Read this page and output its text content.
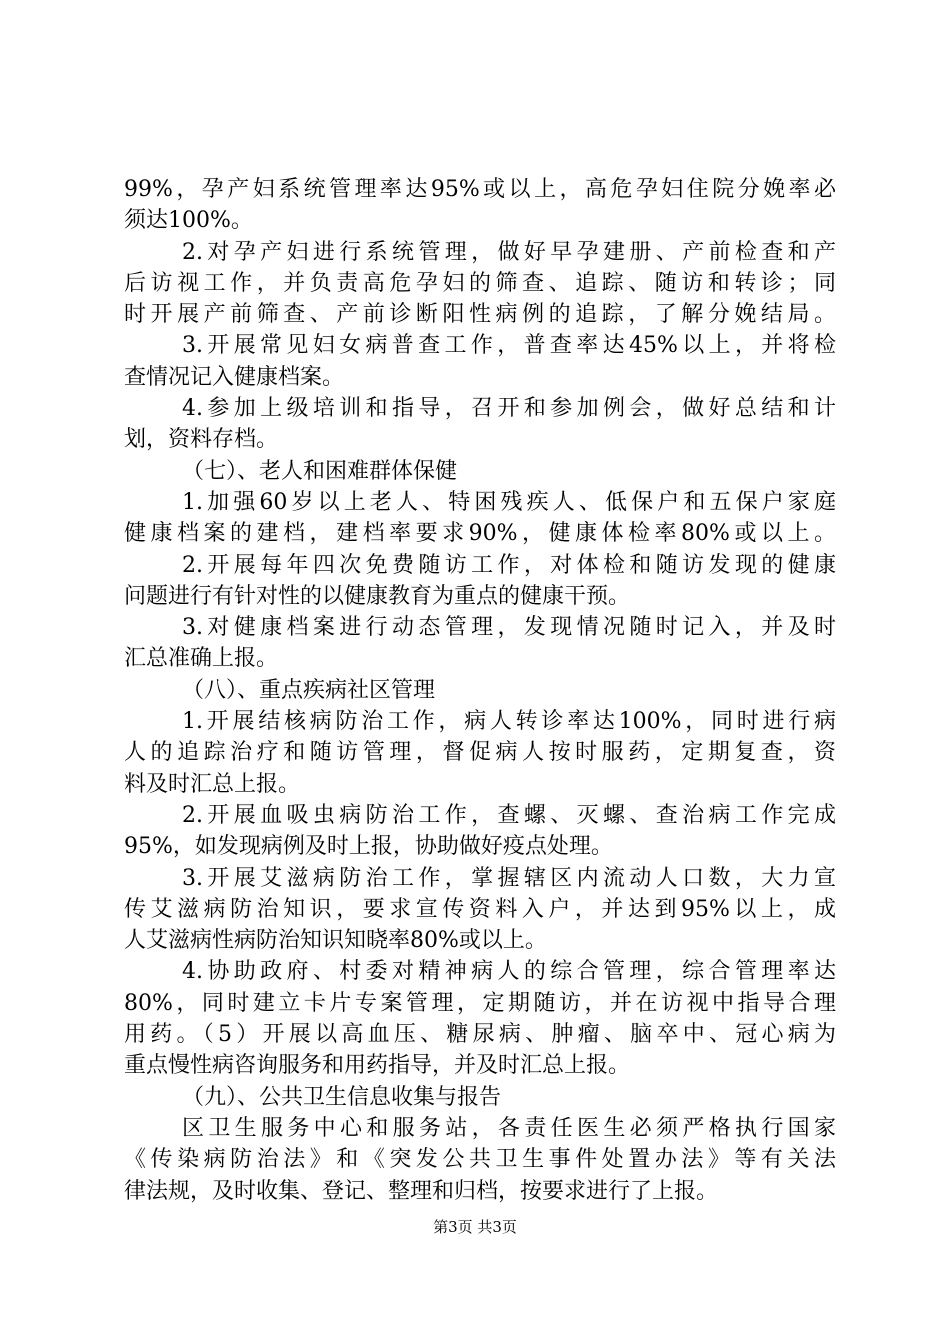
99%，孕产妇系统管理率达95%或以上，高危孕妇住院分娩率必
须达100%。
2.对孕产妇进行系统管理，做好早孕建册、产前检查和产
后访视工作，并负责高危孕妇的筛查、追踪、随访和转诊；同
时开展产前筛查、产前诊断阳性病例的追踪，了解分娩结局。
3.开展常见妇女病普查工作，普查率达45%以上，并将检
查情况记入健康档案。
4.参加上级培训和指导，召开和参加例会，做好总结和计
划，资料存档。
（七）、老人和困难群体保健
1.加强60岁以上老人、特困残疾人、低保户和五保户家庭
健康档案的建档，建档率要求90%，健康体检率80%或以上。
2.开展每年四次免费随访工作，对体检和随访发现的健康
问题进行有针对性的以健康教育为重点的健康干预。
3.对健康档案进行动态管理，发现情况随时记入，并及时
汇总准确上报。
（八）、重点疾病社区管理
1.开展结核病防治工作，病人转诊率达100%，同时进行病
人的追踪治疗和随访管理，督促病人按时服药，定期复查，资
料及时汇总上报。
2.开展血吸虫病防治工作，查螺、灭螺、查治病工作完成
95%，如发现病例及时上报，协助做好疫点处理。
3.开展艾滋病防治工作，掌握辖区内流动人口数，大力宣
传艾滋病防治知识，要求宣传资料入户，并达到95%以上，成
人艾滋病性病防治知识知晓率80%或以上。
4.协助政府、村委对精神病人的综合管理，综合管理率达
80%，同时建立卡片专案管理，定期随访，并在访视中指导合理
用药。（5）开展以高血压、糖尿病、肿瘤、脑卒中、冠心病为
重点慢性病咨询服务和用药指导，并及时汇总上报。
（九）、公共卫生信息收集与报告
区卫生服务中心和服务站，各责任医生必须严格执行国家
《传染病防治法》和《突发公共卫生事件处置办法》等有关法
律法规，及时收集、登记、整理和归档，按要求进行了上报。
第3页 共3页
